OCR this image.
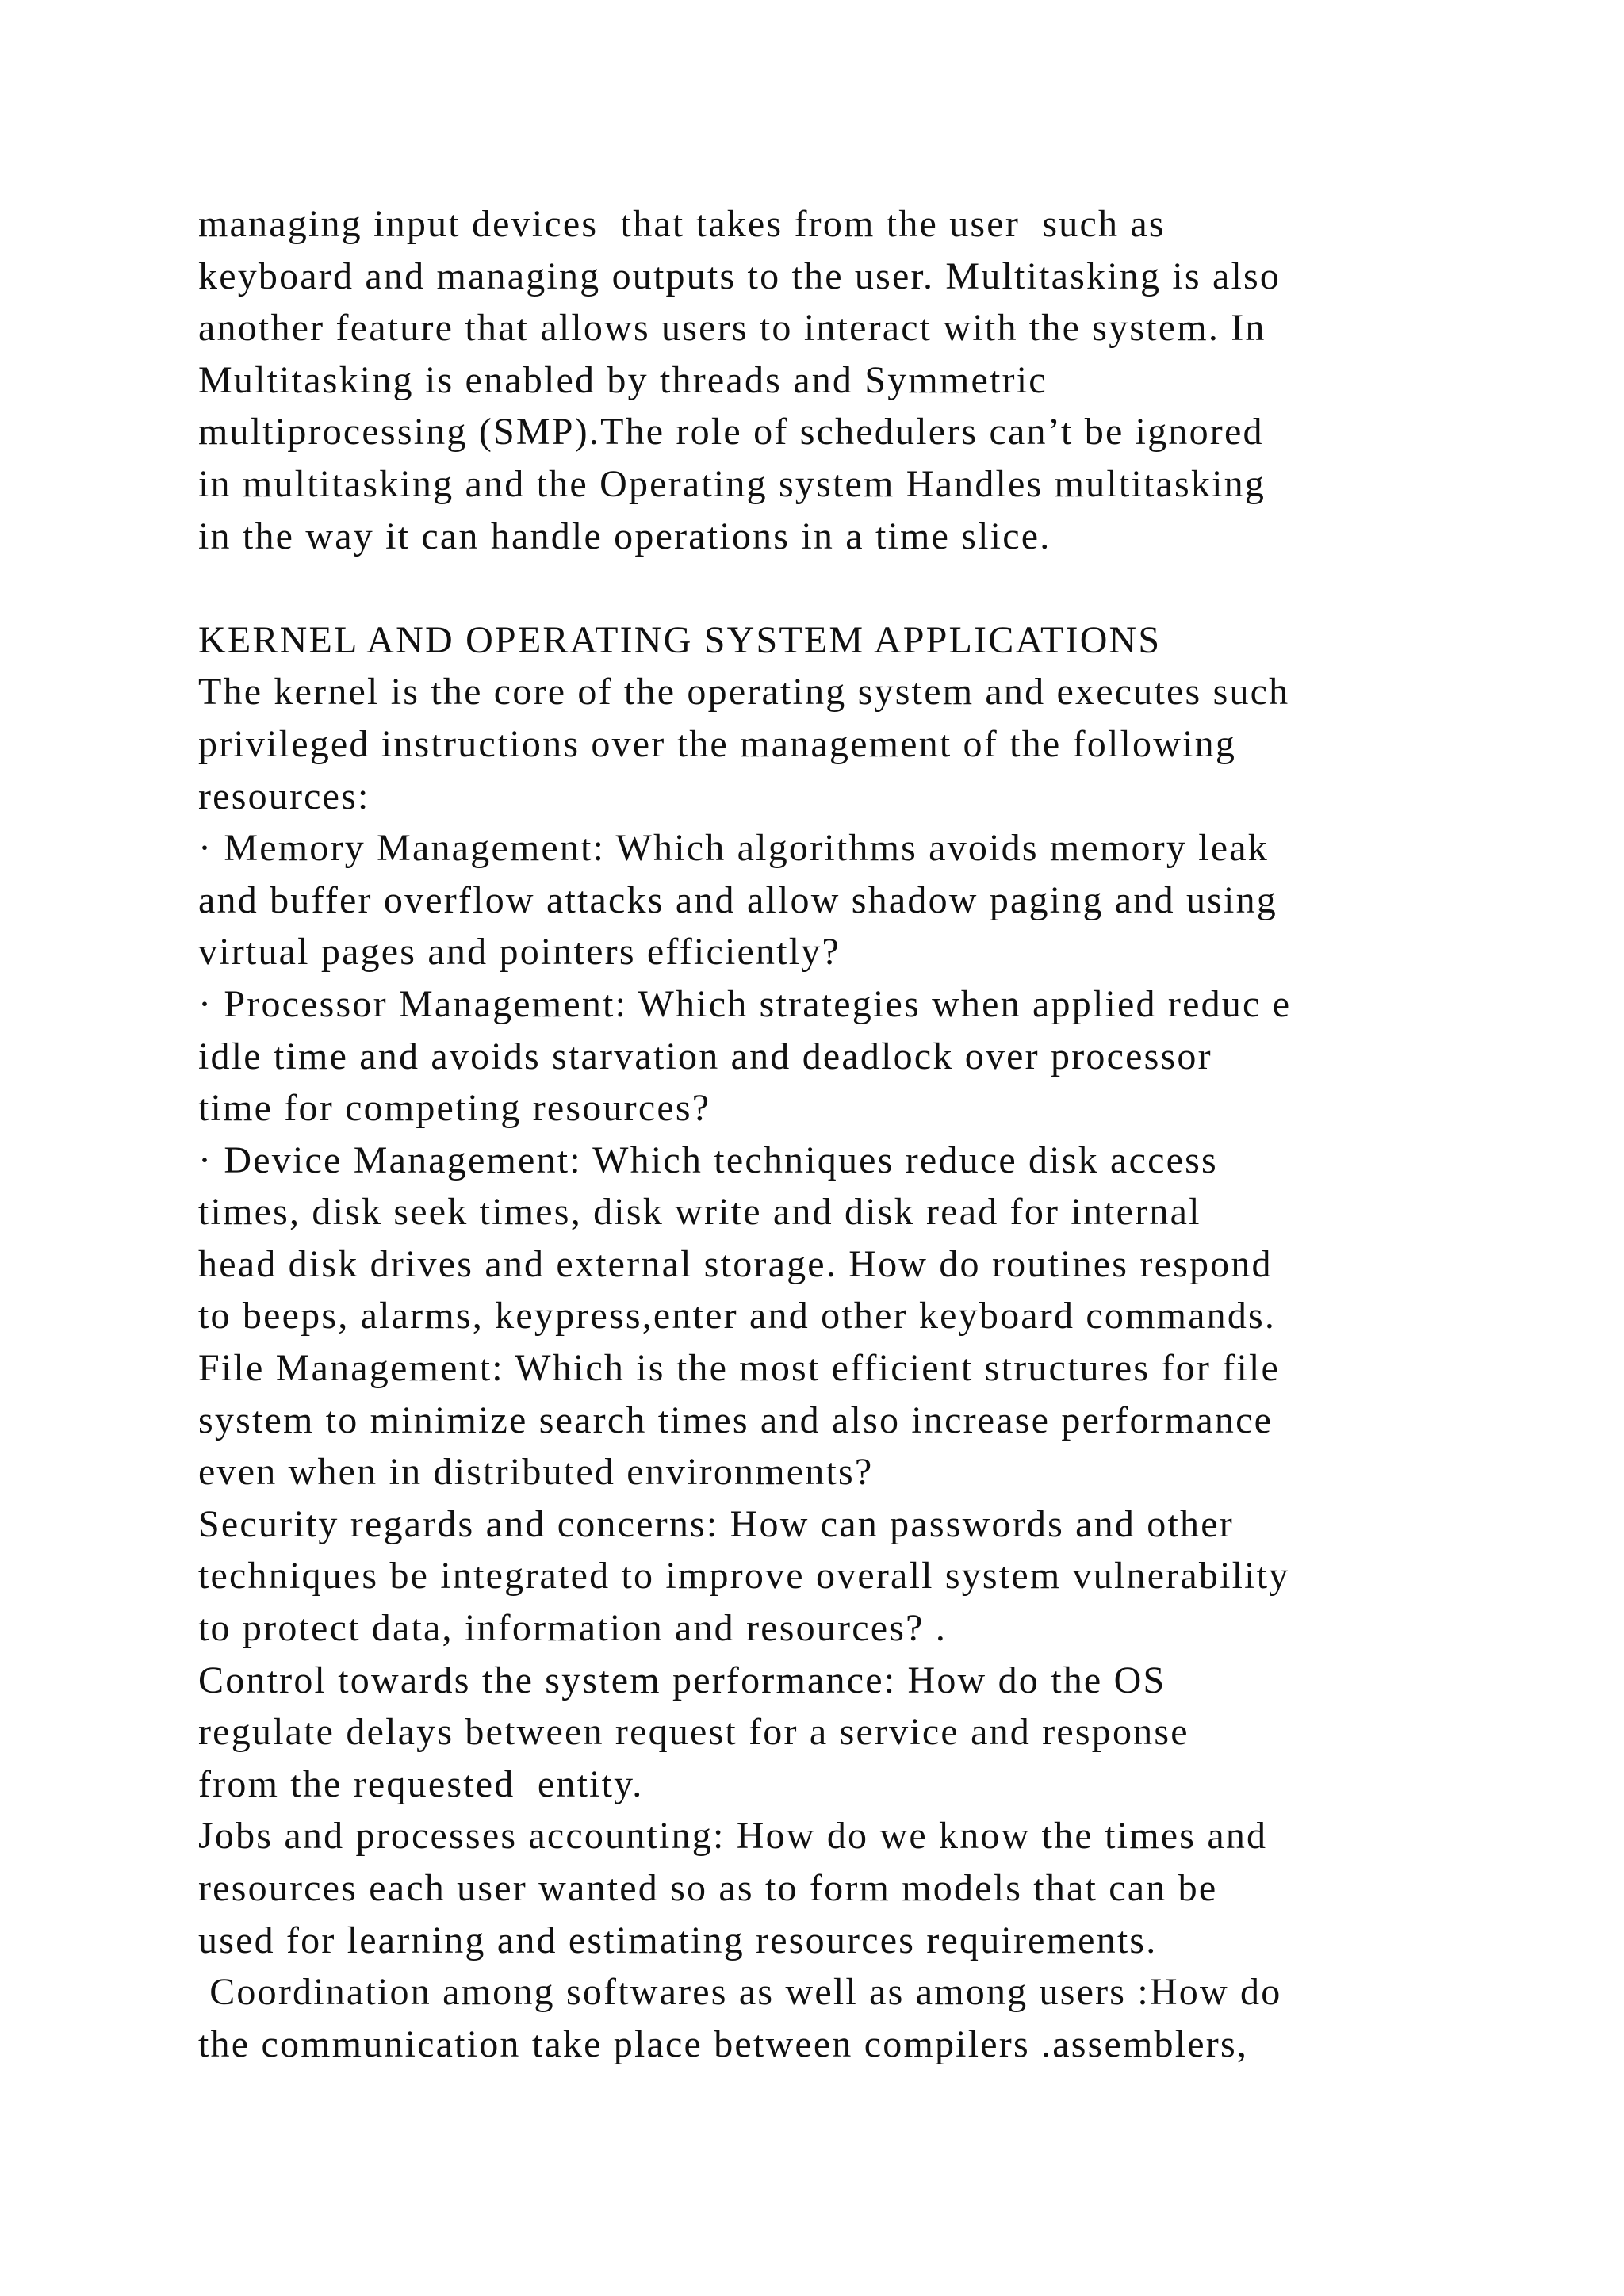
managing input devices  that takes from the user  such as
keyboard and managing outputs to the user. Multitasking is also
another feature that allows users to interact with the system. In
Multitasking is enabled by threads and Symmetric
multiprocessing (SMP).The role of schedulers can’t be ignored
in multitasking and the Operating system Handles multitasking
in the way it can handle operations in a time slice.
KERNEL AND OPERATING SYSTEM APPLICATIONS
The kernel is the core of the operating system and executes such
privileged instructions over the management of the following
resources:
· Memory Management: Which algorithms avoids memory leak
and buffer overflow attacks and allow shadow paging and using
virtual pages and pointers efficiently?
· Processor Management: Which strategies when applied reduc e
idle time and avoids starvation and deadlock over processor
time for competing resources?
· Device Management: Which techniques reduce disk access
times, disk seek times, disk write and disk read for internal
head disk drives and external storage. How do routines respond
to beeps, alarms, keypress,enter and other keyboard commands.
File Management: Which is the most efficient structures for file
system to minimize search times and also increase performance
even when in distributed environments?
Security regards and concerns: How can passwords and other
techniques be integrated to improve overall system vulnerability
to protect data, information and resources? .
Control towards the system performance: How do the OS
regulate delays between request for a service and response
from the requested  entity.
Jobs and processes accounting: How do we know the times and
resources each user wanted so as to form models that can be
used for learning and estimating resources requirements.
Coordination among softwares as well as among users :How do
the communication take place between compilers .assemblers,
